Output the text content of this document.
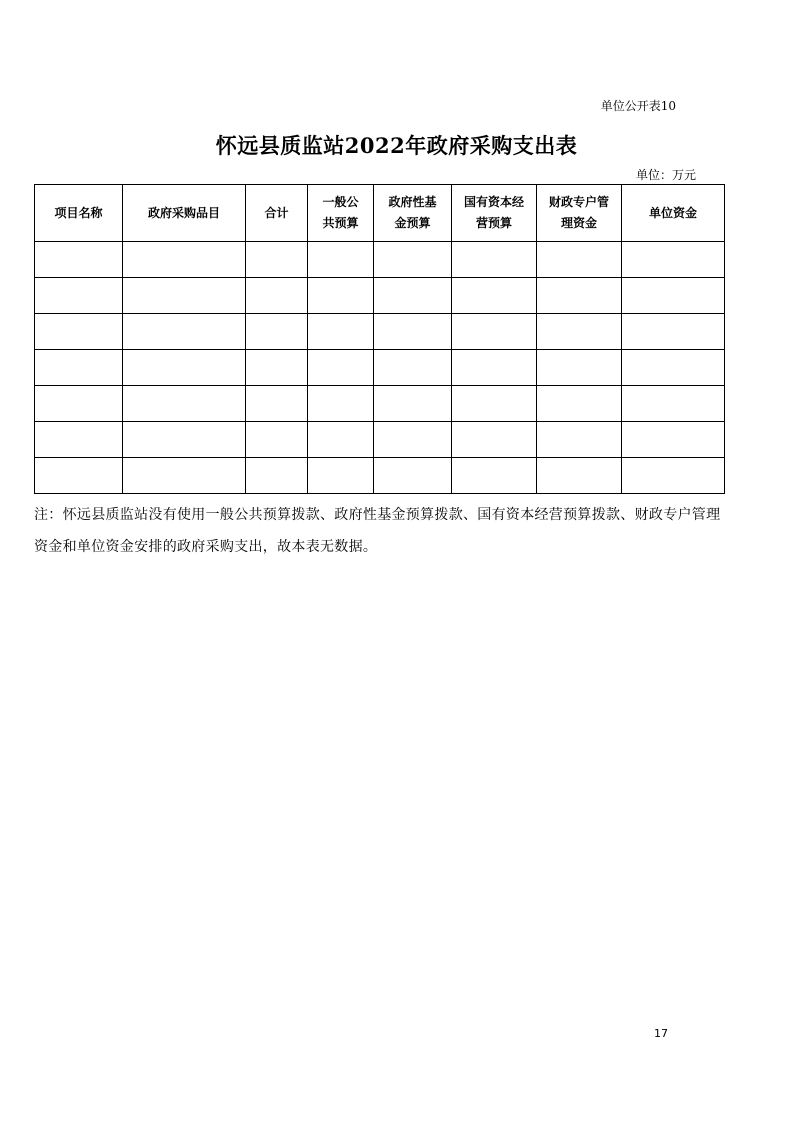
单位公开表10
怀远县质监站2022年政府采购支出表
单位：万元
项目名称	政府采购品目	合计	一般公共预算	政府性基金预算	国有资本经营预算	财政专户管理资金	单位资金

注：怀远县质监站没有使用一般公共预算拨款、政府性基金预算拨款、国有资本经营预算拨款、财政专户管理资金和单位资金安排的政府采购支出，故本表无数据。
17
